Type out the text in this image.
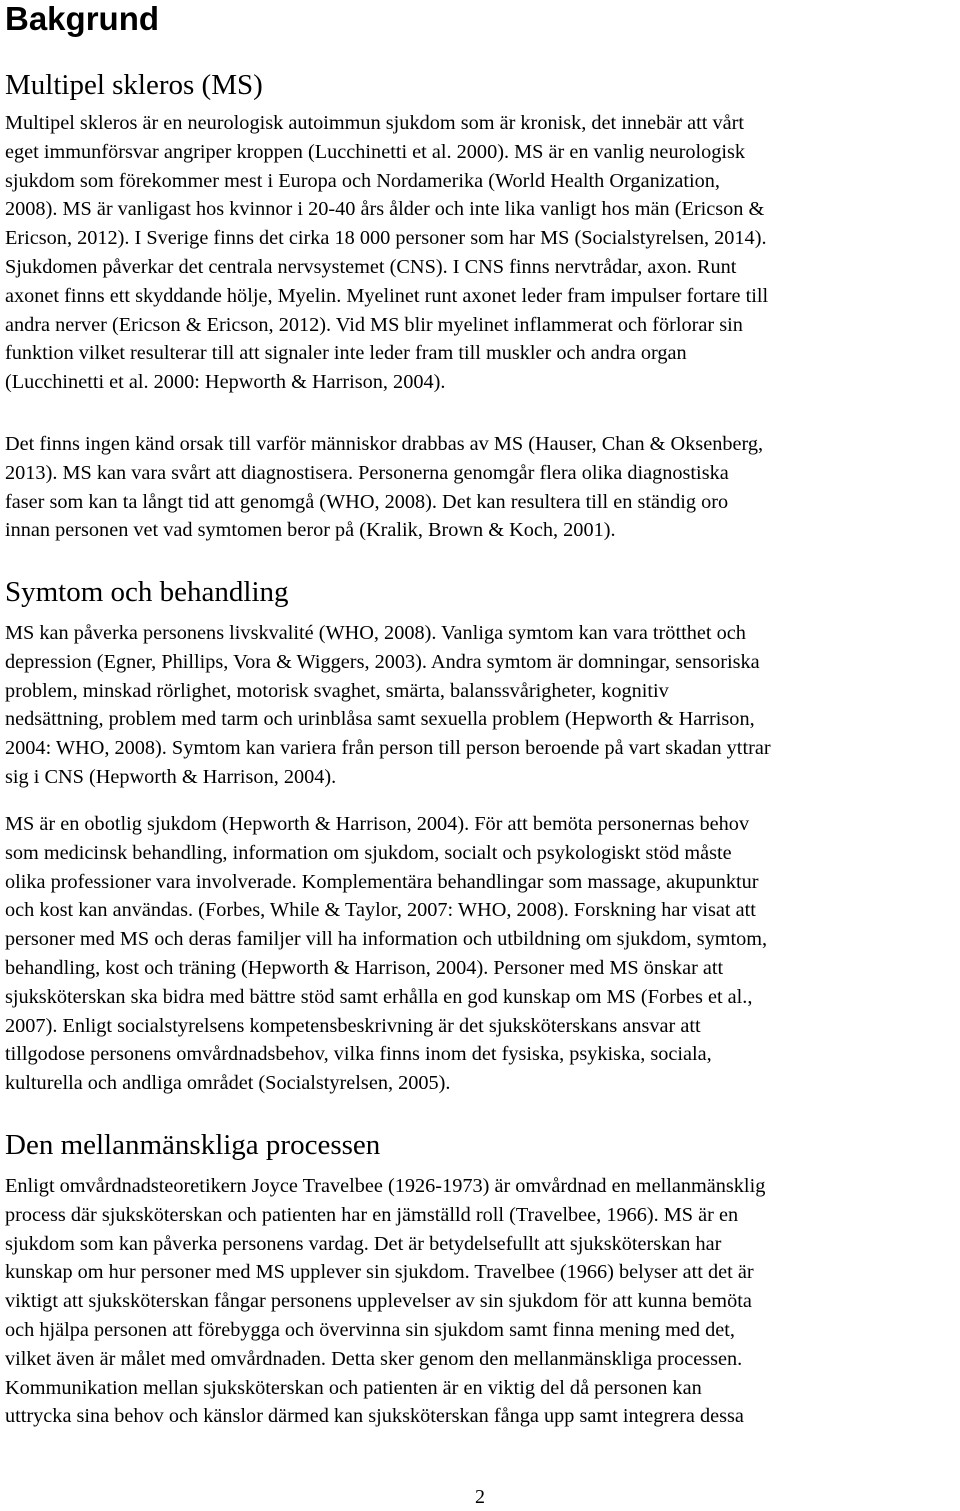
Bakgrund
Multipel skleros (MS)
Multipel skleros är en neurologisk autoimmun sjukdom som är kronisk, det innebär att vårt
eget immunförsvar angriper kroppen (Lucchinetti et al. 2000). MS är en vanlig neurologisk
sjukdom som förekommer mest i Europa och Nordamerika (World Health Organization,
2008). MS är vanligast hos kvinnor i 20-40 års ålder och inte lika vanligt hos män (Ericson &
Ericson, 2012). I Sverige finns det cirka 18 000 personer som har MS (Socialstyrelsen, 2014).
Sjukdomen påverkar det centrala nervsystemet (CNS). I CNS finns nervtrådar, axon. Runt
axonet finns ett skyddande hölje, Myelin. Myelinet runt axonet leder fram impulser fortare till
andra nerver (Ericson & Ericson, 2012). Vid MS blir myelinet inflammerat och förlorar sin
funktion vilket resulterar till att signaler inte leder fram till muskler och andra organ
(Lucchinetti et al. 2000: Hepworth & Harrison, 2004).
Det finns ingen känd orsak till varför människor drabbas av MS (Hauser, Chan & Oksenberg,
2013). MS kan vara svårt att diagnostisera. Personerna genomgår flera olika diagnostiska
faser som kan ta långt tid att genomgå (WHO, 2008). Det kan resultera till en ständig oro
innan personen vet vad symtomen beror på (Kralik, Brown & Koch, 2001).
Symtom och behandling
MS kan påverka personens livskvalité (WHO, 2008). Vanliga symtom kan vara trötthet och
depression (Egner, Phillips, Vora & Wiggers, 2003). Andra symtom är domningar, sensoriska
problem, minskad rörlighet, motorisk svaghet, smärta, balanssvårigheter, kognitiv
nedsättning, problem med tarm och urinblåsa samt sexuella problem (Hepworth & Harrison,
2004: WHO, 2008). Symtom kan variera från person till person beroende på vart skadan yttrar
sig i CNS (Hepworth & Harrison, 2004).
MS är en obotlig sjukdom (Hepworth & Harrison, 2004). För att bemöta personernas behov
som medicinsk behandling, information om sjukdom, socialt och psykologiskt stöd måste
olika professioner vara involverade. Komplementära behandlingar som massage, akupunktur
och kost kan användas. (Forbes, While & Taylor, 2007: WHO, 2008). Forskning har visat att
personer med MS och deras familjer vill ha information och utbildning om sjukdom, symtom,
behandling, kost och träning (Hepworth & Harrison, 2004). Personer med MS önskar att
sjuksköterskan ska bidra med bättre stöd samt erhålla en god kunskap om MS (Forbes et al.,
2007). Enligt socialstyrelsens kompetensbeskrivning är det sjuksköterskans ansvar att
tillgodose personens omvårdnadsbehov, vilka finns inom det fysiska, psykiska, sociala,
kulturella och andliga området (Socialstyrelsen, 2005).
Den mellanmänskliga processen
Enligt omvårdnadsteoretikern Joyce Travelbee (1926-1973) är omvårdnad en mellanmänsklig
process där sjuksköterskan och patienten har en jämställd roll (Travelbee, 1966). MS är en
sjukdom som kan påverka personens vardag. Det är betydelsefullt att sjuksköterskan har
kunskap om hur personer med MS upplever sin sjukdom. Travelbee (1966) belyser att det är
viktigt att sjuksköterskan fångar personens upplevelser av sin sjukdom för att kunna bemöta
och hjälpa personen att förebygga och övervinna sin sjukdom samt finna mening med det,
vilket även är målet med omvårdnaden. Detta sker genom den mellanmänskliga processen.
Kommunikation mellan sjuksköterskan och patienten är en viktig del då personen kan
uttrycka sina behov och känslor därmed kan sjuksköterskan fånga upp samt integrera dessa
2
